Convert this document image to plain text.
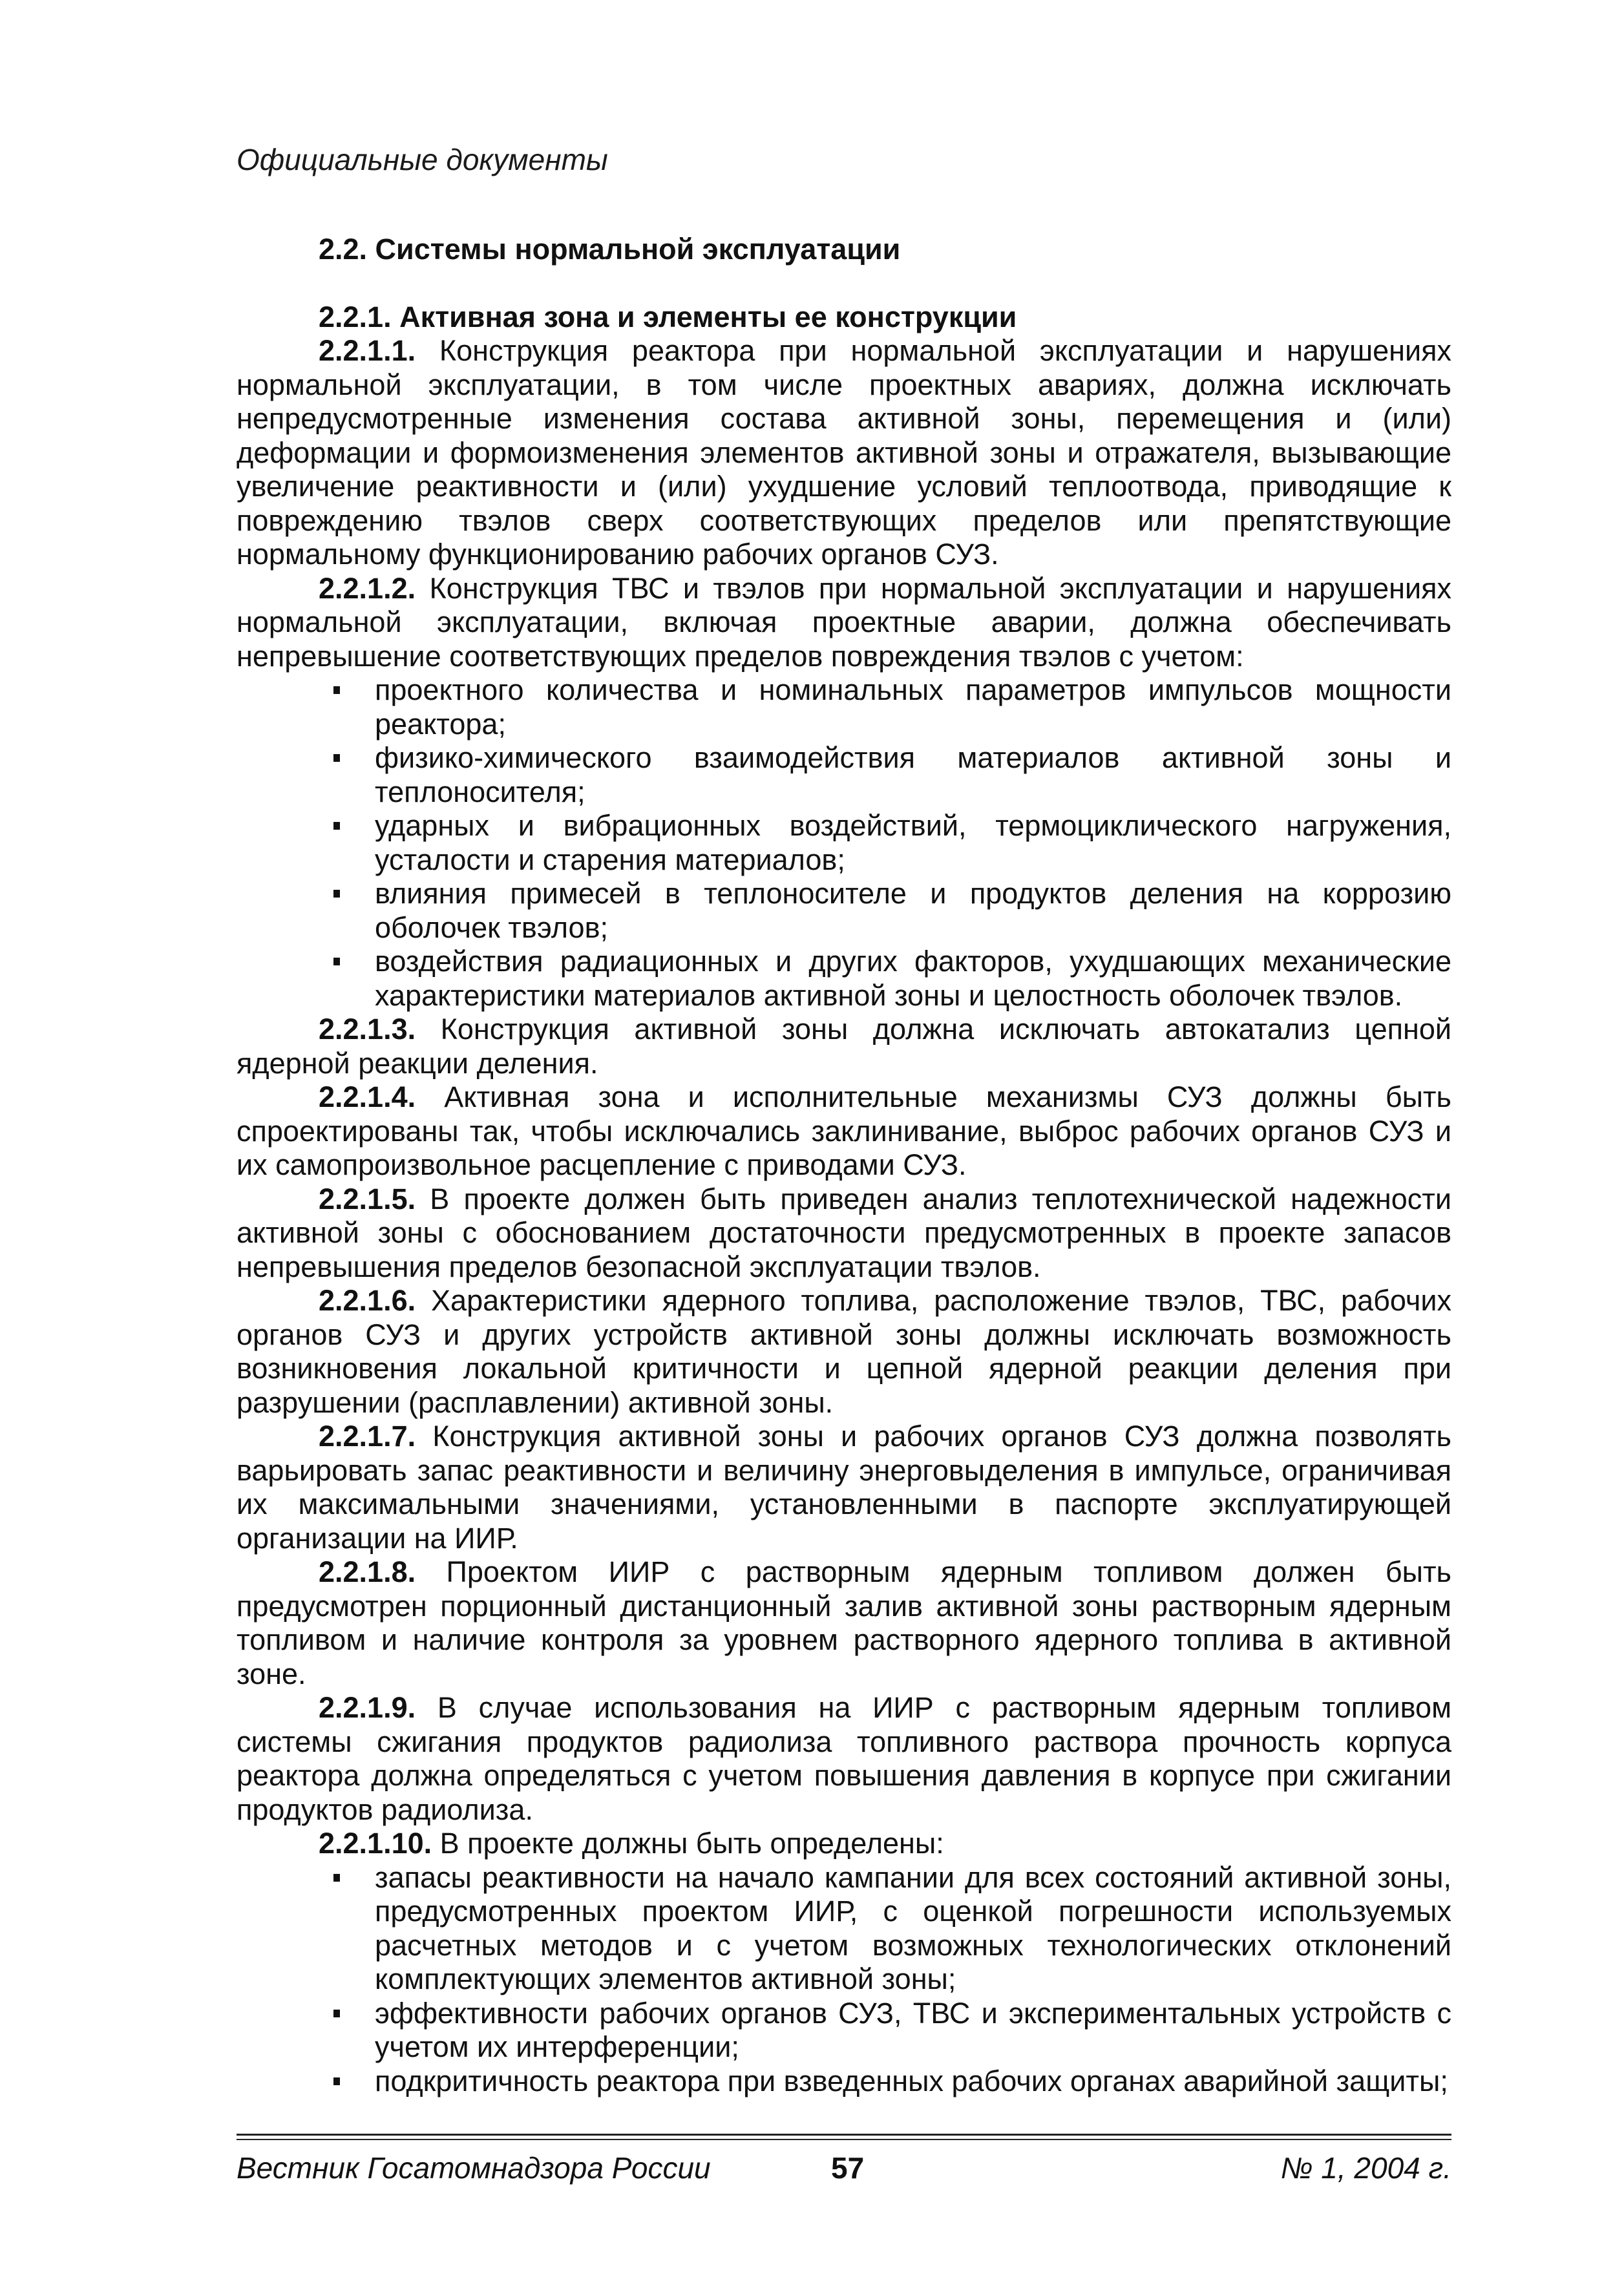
Официальные документы
2.2. Системы нормальной эксплуатации
2.2.1. Активная зона и элементы ее конструкции

2.2.1.1. Конструкция реактора при нормальной эксплуатации и нарушениях нормальной эксплуатации, в том числе проектных авариях, должна исключать непредусмотренные изменения состава активной зоны, перемещения и (или) деформации и формоизменения элементов активной зоны и отражателя, вызывающие увеличение реактивности и (или) ухудшение условий теплоотвода, приводящие к повреждению твэлов сверх соответствующих пределов или препятствующие нормальному функционированию рабочих органов СУЗ.

2.2.1.2. Конструкция ТВС и твэлов при нормальной эксплуатации и нарушениях нормальной эксплуатации, включая проектные аварии, должна обеспечивать непревышение соответствующих пределов повреждения твэлов с учетом:

проектного количества и номинальных параметров импульсов мощности реактора;
физико-химического взаимодействия материалов активной зоны и теплоносителя;
ударных и вибрационных воздействий, термоциклического нагружения, усталости и старения материалов;
влияния примесей в теплоносителе и продуктов деления на коррозию оболочек твэлов;
воздействия радиационных и других факторов, ухудшающих механические характеристики материалов активной зоны и целостность оболочек твэлов.

2.2.1.3. Конструкция активной зоны должна исключать автокатализ цепной ядерной реакции деления.

2.2.1.4. Активная зона и исполнительные механизмы СУЗ должны быть спроектированы так, чтобы исключались заклинивание, выброс рабочих органов СУЗ и их самопроизвольное расцепление с приводами СУЗ.

2.2.1.5. В проекте должен быть приведен анализ теплотехнической надежности активной зоны с обоснованием достаточности предусмотренных в проекте запасов непревышения пределов безопасной эксплуатации твэлов.

2.2.1.6. Характеристики ядерного топлива, расположение твэлов, ТВС, рабочих органов СУЗ и других устройств активной зоны должны исключать возможность возникновения локальной критичности и цепной ядерной реакции деления при разрушении (расплавлении) активной зоны.

2.2.1.7. Конструкция активной зоны и рабочих органов СУЗ должна позволять варьировать запас реактивности и величину энерговыделения в импульсе, ограничивая их максимальными значениями, установленными в паспорте эксплуатирующей организации на ИИР.

2.2.1.8. Проектом ИИР с растворным ядерным топливом должен быть предусмотрен порционный дистанционный залив активной зоны растворным ядерным топливом и наличие контроля за уровнем растворного ядерного топлива в активной зоне.

2.2.1.9. В случае использования на ИИР с растворным ядерным топливом системы сжигания продуктов радиолиза топливного раствора прочность корпуса реактора должна определяться с учетом повышения давления в корпусе при сжигании продуктов радиолиза.

2.2.1.10. В проекте должны быть определены:

запасы реактивности на начало кампании для всех состояний активной зоны, предусмотренных проектом ИИР, с оценкой погрешности используемых расчетных методов и с учетом возможных технологических отклонений комплектующих элементов активной зоны;
эффективности рабочих органов СУЗ, ТВС и экспериментальных устройств с учетом их интерференции;
подкритичность реактора при взведенных рабочих органах аварийной защиты;
Вестник Госатомнадзора России	57	№ 1, 2004 г.
